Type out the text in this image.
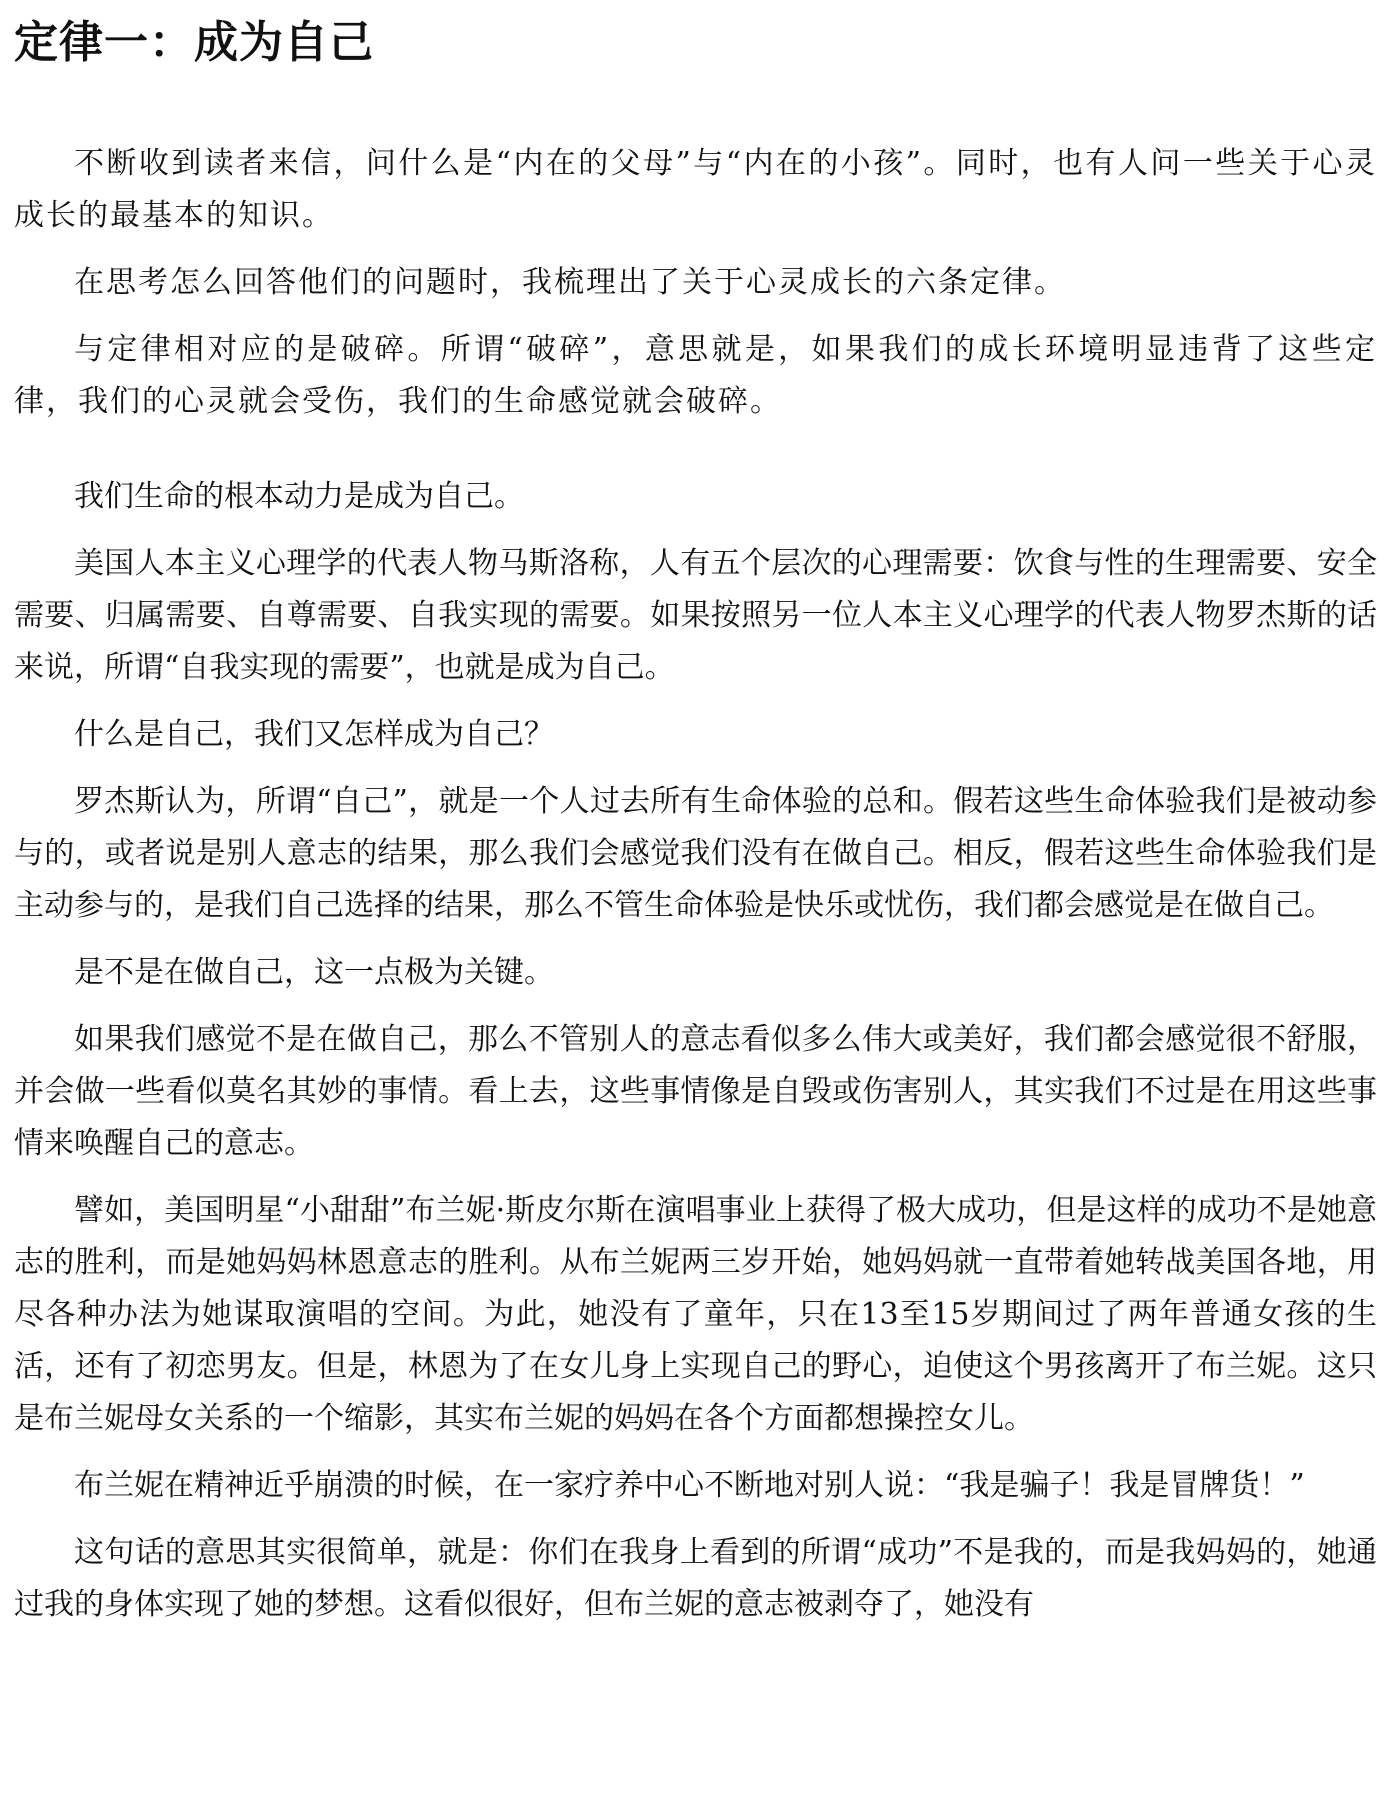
定律一：成为自己

不断收到读者来信，问什么是“内在的父母”与“内在的小孩”。同时，也有人问一些关于心灵成长的最基本的知识。

在思考怎么回答他们的问题时，我梳理出了关于心灵成长的六条定律。

与定律相对应的是破碎。所谓“破碎”，意思就是，如果我们的成长环境明显违背了这些定律，我们的心灵就会受伤，我们的生命感觉就会破碎。

我们生命的根本动力是成为自己。

美国人本主义心理学的代表人物马斯洛称，人有五个层次的心理需要：饮食与性的生理需要、安全需要、归属需要、自尊需要、自我实现的需要。如果按照另一位人本主义心理学的代表人物罗杰斯的话来说，所谓“自我实现的需要”，也就是成为自己。

什么是自己，我们又怎样成为自己？

罗杰斯认为，所谓“自己”，就是一个人过去所有生命体验的总和。假若这些生命体验我们是被动参与的，或者说是别人意志的结果，那么我们会感觉我们没有在做自己。相反，假若这些生命体验我们是主动参与的，是我们自己选择的结果，那么不管生命体验是快乐或忧伤，我们都会感觉是在做自己。

是不是在做自己，这一点极为关键。

如果我们感觉不是在做自己，那么不管别人的意志看似多么伟大或美好，我们都会感觉很不舒服，并会做一些看似莫名其妙的事情。看上去，这些事情像是自毁或伤害别人，其实我们不过是在用这些事情来唤醒自己的意志。

譬如，美国明星“小甜甜”布兰妮·斯皮尔斯在演唱事业上获得了极大成功，但是这样的成功不是她意志的胜利，而是她妈妈林恩意志的胜利。从布兰妮两三岁开始，她妈妈就一直带着她转战美国各地，用尽各种办法为她谋取演唱的空间。为此，她没有了童年，只在13至15岁期间过了两年普通女孩的生活，还有了初恋男友。但是，林恩为了在女儿身上实现自己的野心，迫使这个男孩离开了布兰妮。这只是布兰妮母女关系的一个缩影，其实布兰妮的妈妈在各个方面都想操控女儿。

布兰妮在精神近乎崩溃的时候，在一家疗养中心不断地对别人说：“我是骗子！我是冒牌货！”

这句话的意思其实很简单，就是：你们在我身上看到的所谓“成功”不是我的，而是我妈妈的，她通过我的身体实现了她的梦想。这看似很好，但布兰妮的意志被剥夺了，她没有
